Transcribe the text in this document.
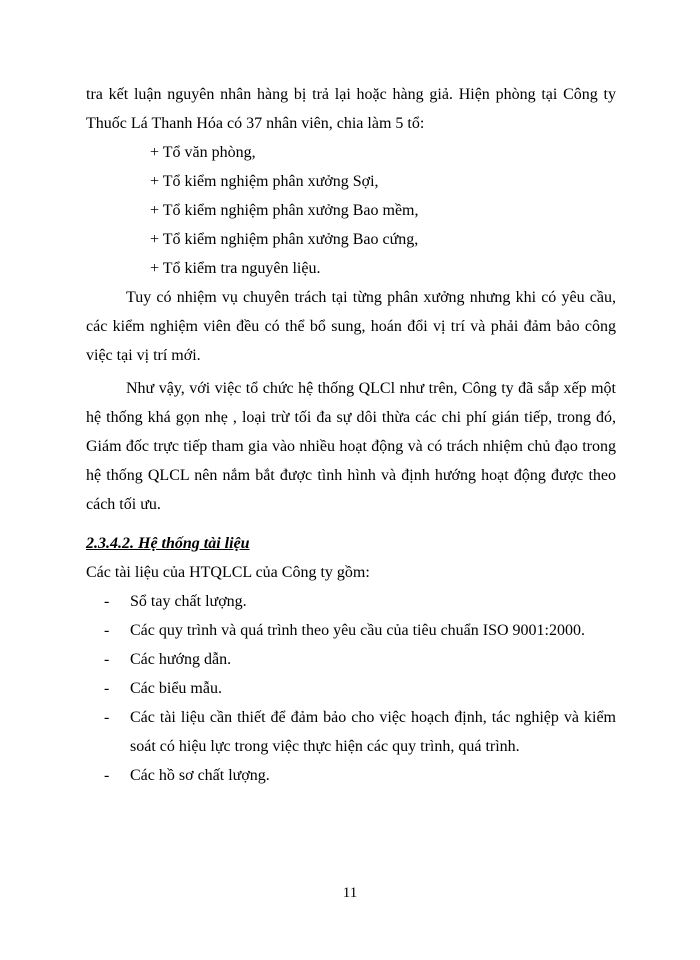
tra kết luận nguyên nhân hàng bị trả lại hoặc hàng giả. Hiện phòng tại Công ty Thuốc Lá Thanh Hóa có 37 nhân viên, chia làm 5 tổ:

+ Tổ văn phòng,
+ Tổ kiểm nghiệm phân xưởng Sợi,
+ Tổ kiểm nghiệm phân xưởng Bao mềm,
+ Tổ kiểm nghiệm phân xưởng Bao cứng,
+ Tổ kiểm tra nguyên liệu.

Tuy có nhiệm vụ chuyên trách tại từng phân xưởng nhưng khi có yêu cầu, các kiểm nghiệm viên đều có thể bổ sung, hoán đổi vị trí và phải đảm bảo công việc tại vị trí mới.

Như vậy, với việc tổ chức hệ thống QLCl như trên, Công ty đã sắp xếp một hệ thống khá gọn nhẹ , loại trừ tối đa sự dôi thừa các chi phí gián tiếp, trong đó, Giám đốc trực tiếp tham gia vào nhiều hoạt động và có trách nhiệm chủ đạo trong hệ thống QLCL nên nắm bắt được tình hình và định hướng hoạt động được theo cách tối ưu.

2.3.4.2. Hệ thống tài liệu

Các tài liệu của HTQLCL của Công ty gồm:

- Sổ tay chất lượng.
- Các quy trình và quá trình theo yêu cầu của tiêu chuẩn ISO 9001:2000.
- Các hướng dẫn.
- Các biểu mẫu.
- Các tài liệu cần thiết để đảm bảo cho việc hoạch định, tác nghiệp và kiểm soát có hiệu lực trong việc thực hiện các quy trình, quá trình.
- Các hồ sơ chất lượng.
11
